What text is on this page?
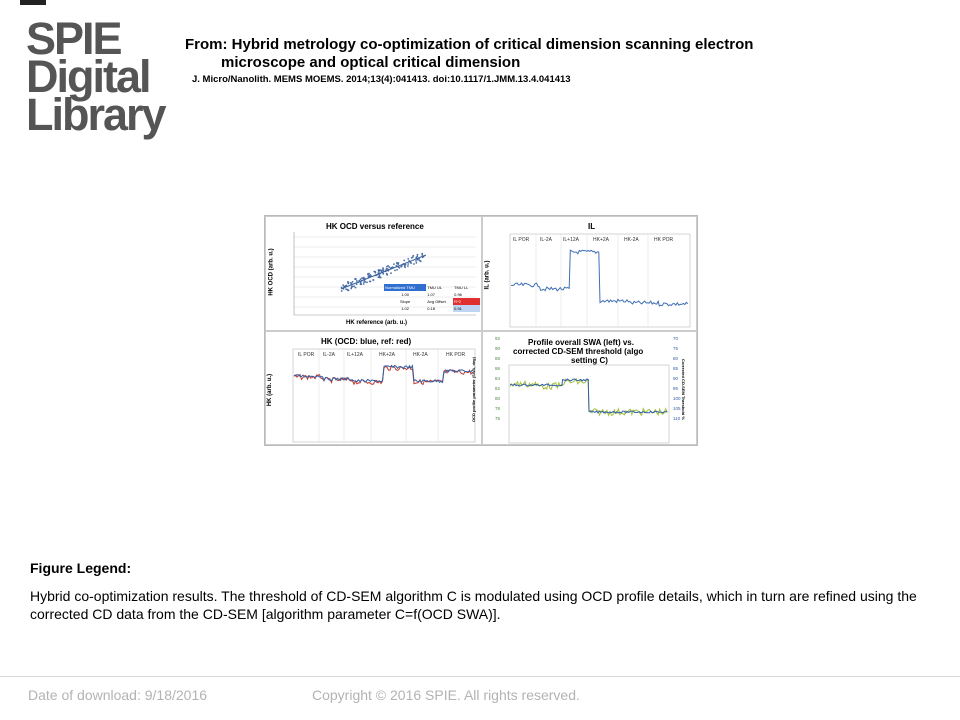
SPIE
Digital
Library
From: Hybrid metrology co-optimization of critical dimension scanning electron
microscope and optical critical dimension
J. Micro/Nanolith. MEMS MOEMS. 2014;13(4):041413. doi:10.1117/1.JMM.13.4.041413
HK OCD versus reference
HK OCD (arb. u.)
HK reference (arb. u.)
Normalized TMU	TMU UL	TMU LL
1.00	1.07	0.96
Slope	Avg Offset	R^2
1.02	0.18	0.91
IL
IL (arb. u.)
IL POR IL-2A IL+12A	HK+2A	HK-2A	HK POR
HK (OCD: blue, ref: red)
HK (arb. u.)
IL POR IL-2A IL+12A	HK+2A	HK-2A	HK POR
Profile overall SWA (left) vs.
corrected CD-SEM threshold (algo
setting C)
OCD profile parameter (SWA, deg)	Corrected CD-SEM Threshold %
92
90
88
86
84
82
80
78
76
70
75
80
85
90
95
100
105
110
Figure Legend:
Hybrid co-optimization results. The threshold of CD-SEM algorithm C is modulated using OCD profile details, which in turn are refined using the corrected CD data from the CD-SEM [algorithm parameter C=f(OCD SWA)].
Date of download: 9/18/2016	Copyright © 2016 SPIE. All rights reserved.
